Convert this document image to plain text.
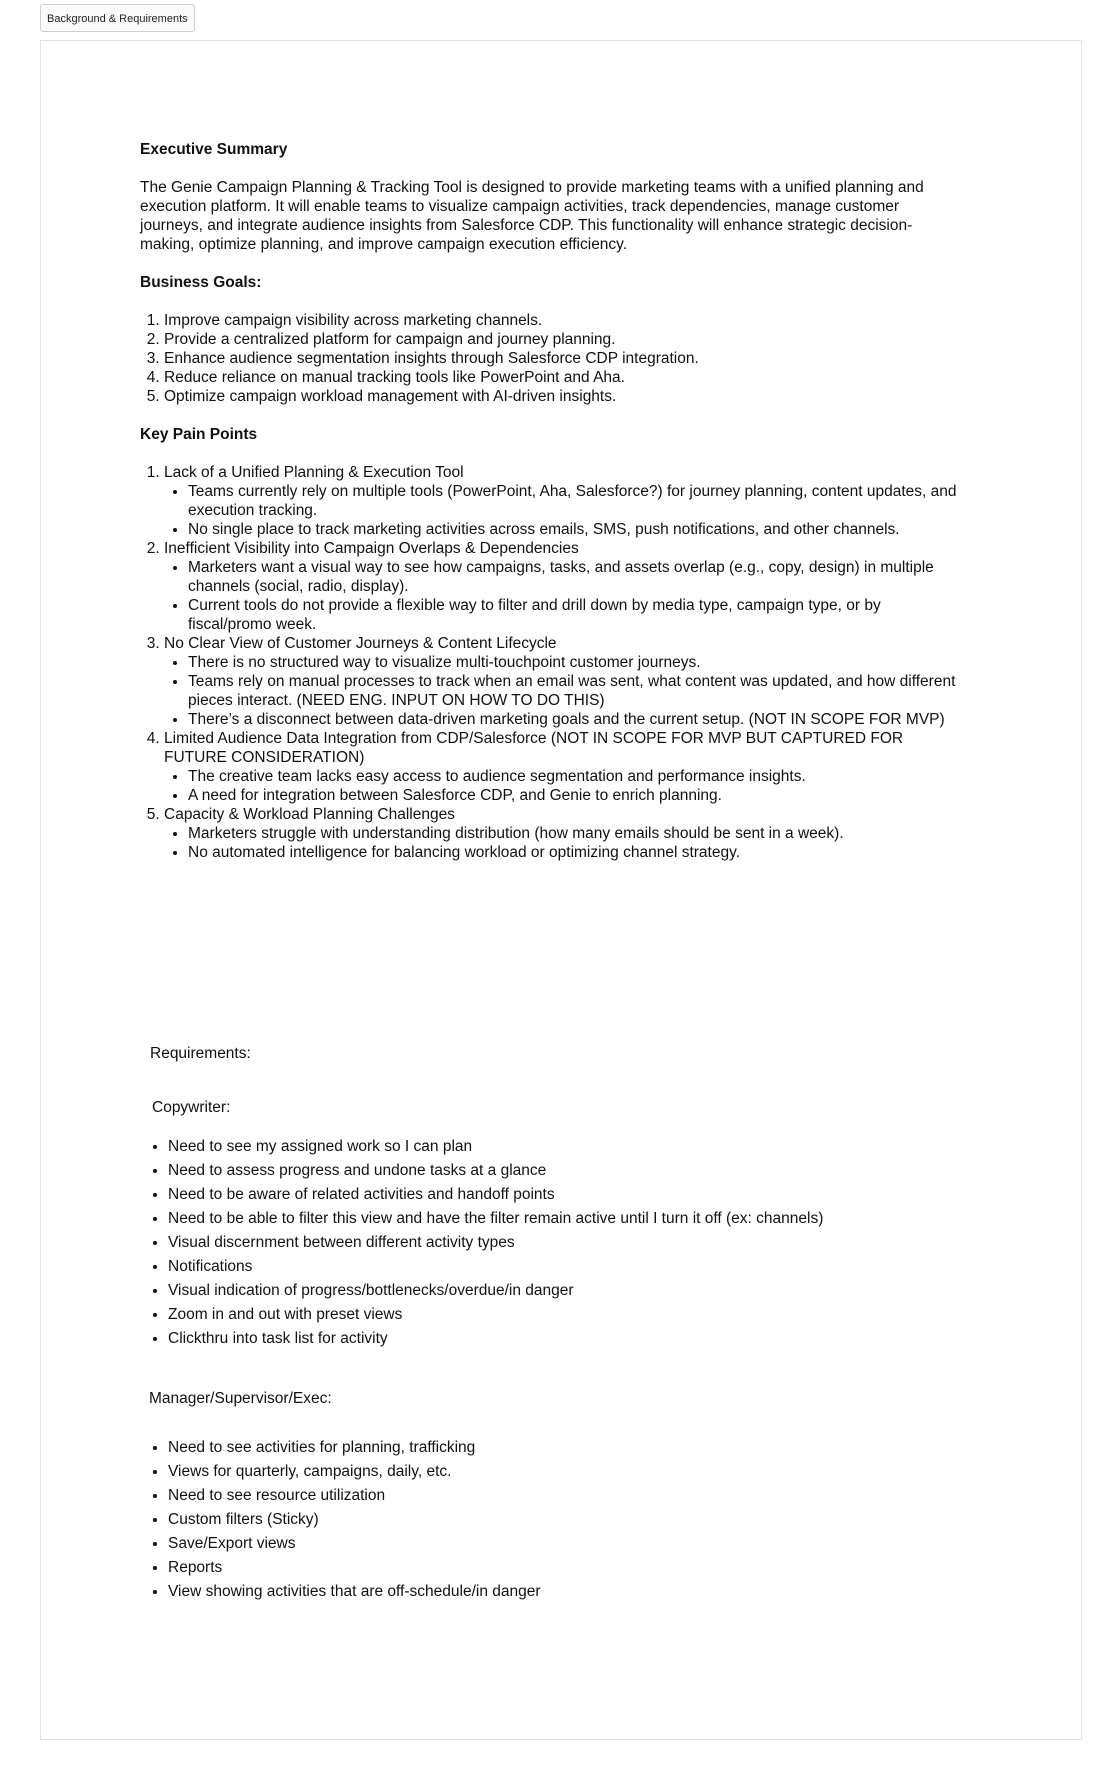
Background & Requirements
Executive Summary

The Genie Campaign Planning & Tracking Tool is designed to provide marketing teams with a unified planning and execution platform. It will enable teams to visualize campaign activities, track dependencies, manage customer journeys, and integrate audience insights from Salesforce CDP. This functionality will enhance strategic decision-making, optimize planning, and improve campaign execution efficiency.

Business Goals:
1. Improve campaign visibility across marketing channels.
2. Provide a centralized platform for campaign and journey planning.
3. Enhance audience segmentation insights through Salesforce CDP integration.
4. Reduce reliance on manual tracking tools like PowerPoint and Aha.
5. Optimize campaign workload management with AI-driven insights.
Key Pain Points
1. Lack of a Unified Planning & Execution Tool
• Teams currently rely on multiple tools (PowerPoint, Aha, Salesforce?) for journey planning, content updates, and execution tracking.
• No single place to track marketing activities across emails, SMS, push notifications, and other channels.
2. Inefficient Visibility into Campaign Overlaps & Dependencies
• Marketers want a visual way to see how campaigns, tasks, and assets overlap (e.g., copy, design) in multiple channels (social, radio, display).
• Current tools do not provide a flexible way to filter and drill down by media type, campaign type, or by fiscal/promo week.
3. No Clear View of Customer Journeys & Content Lifecycle
• There is no structured way to visualize multi-touchpoint customer journeys.
• Teams rely on manual processes to track when an email was sent, what content was updated, and how different pieces interact. (NEED ENG. INPUT ON HOW TO DO THIS)
• There’s a disconnect between data-driven marketing goals and the current setup. (NOT IN SCOPE FOR MVP)
4. Limited Audience Data Integration from CDP/Salesforce (NOT IN SCOPE FOR MVP BUT CAPTURED FOR FUTURE CONSIDERATION)
• The creative team lacks easy access to audience segmentation and performance insights.
• A need for integration between Salesforce CDP, and Genie to enrich planning.
5. Capacity & Workload Planning Challenges
• Marketers struggle with understanding distribution (how many emails should be sent in a week).
• No automated intelligence for balancing workload or optimizing channel strategy.
Requirements:
Copywriter:
• Need to see my assigned work so I can plan
• Need to assess progress and undone tasks at a glance
• Need to be aware of related activities and handoff points
• Need to be able to filter this view and have the filter remain active until I turn it off (ex: channels)
• Visual discernment between different activity types
• Notifications
• Visual indication of progress/bottlenecks/overdue/in danger
• Zoom in and out with preset views
• Clickthru into task list for activity
Manager/Supervisor/Exec:
• Need to see activities for planning, trafficking
• Views for quarterly, campaigns, daily, etc.
• Need to see resource utilization
• Custom filters (Sticky)
• Save/Export views
• Reports
• View showing activities that are off-schedule/in danger
